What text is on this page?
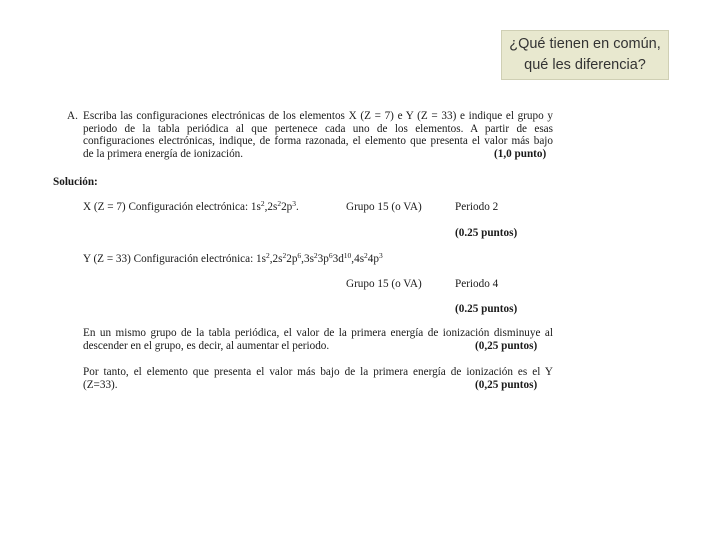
¿Qué tienen en común,
qué les diferencia?
A. Escriba las configuraciones electrónicas de los elementos X (Z = 7) e Y (Z = 33) e indique el grupo y
periodo de la tabla periódica al que pertenece cada uno de los elementos. A partir de esas
configuraciones electrónicas, indique, de forma razonada, el elemento que presenta el valor más bajo
de la primera energía de ionización.	(1,0 punto)
Solución:
X (Z = 7) Configuración electrónica: $1s^2,2s^22p^3$.	Grupo 15 (o VA)	Periodo 2
(0.25 puntos)
Y (Z = 33) Configuración electrónica: $1s^2,2s^22p^6,3s^23p^63d^{10},4s^24p^3$
Grupo 15 (o VA)	Periodo 4
(0.25 puntos)
En un mismo grupo de la tabla periódica, el valor de la primera energía de ionización disminuye al
descender en el grupo, es decir, al aumentar el periodo.	(0,25 puntos)
Por tanto, el elemento que presenta el valor más bajo de la primera energía de ionización es el Y
(Z=33).	(0,25 puntos)
